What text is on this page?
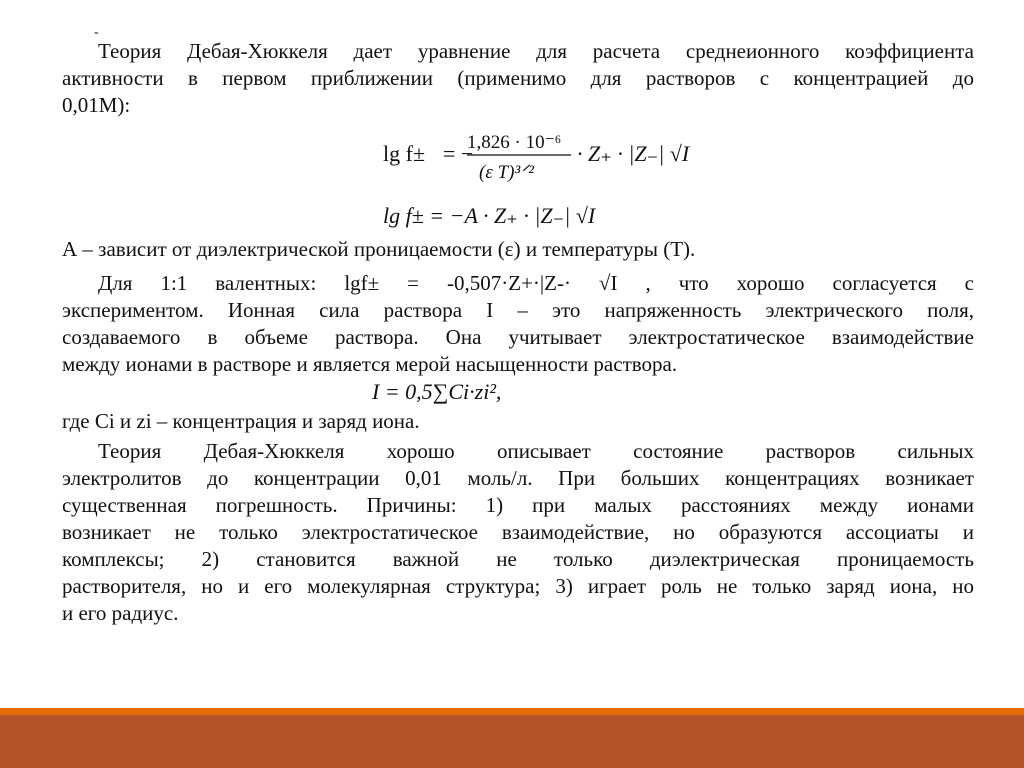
-
Теория Дебая-Хюккеля дает уравнение для расчета среднеионного коэффициента
активности в первом приближении (применимо для растворов с концентрацией до
0,01М):
lg f± = −
1,826 · 10⁻⁶
(ε T)³ᐟ²
· Z₊ · |Z₋| √I
lg f± = −A · Z₊ · |Z₋| √I
А – зависит от диэлектрической проницаемости (ε) и температуры (Т).
Для 1:1 валентных: lgf± = -0,507·Z+·|Z-· √I , что хорошо согласуется с
экспериментом. Ионная сила раствора I – это напряженность электрического поля,
создаваемого в объеме раствора. Она учитывает электростатическое взаимодействие
между ионами в растворе и является мерой насыщенности раствора.
I = 0,5∑Ci·zi²,
где Ci и zi – концентрация и заряд иона.
Теория Дебая-Хюккеля хорошо описывает состояние растворов сильных
электролитов до концентрации 0,01 моль/л. При больших концентрациях возникает
существенная погрешность. Причины: 1) при малых расстояниях между ионами
возникает не только электростатическое взаимодействие, но образуются ассоциаты и
комплексы; 2) становится важной не только диэлектрическая проницаемость
растворителя, но и его молекулярная структура; 3) играет роль не только заряд иона, но
и его радиус.
